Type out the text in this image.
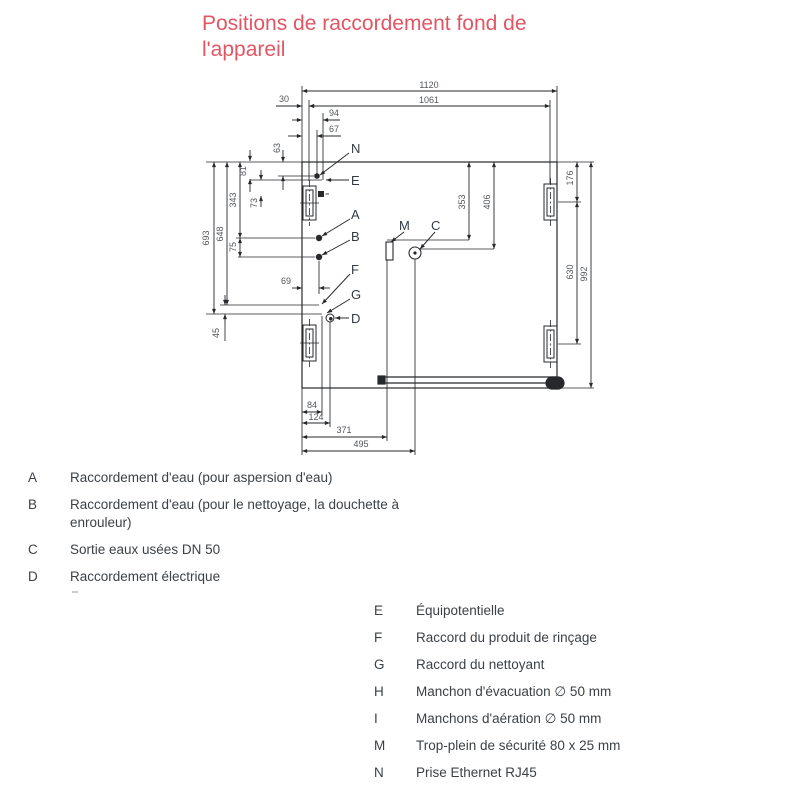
Positions de raccordement fond de
l'appareil
1120
1061
30
94
67
69
84
124
371
495
63
81
343 73
75
648
693
45
353 406
176
630 992
N
E
A
B
F
G
D
M C
A	Raccordement d'eau (pour aspersion d'eau)
B	Raccordement d'eau (pour le nettoyage, la douchette à enrouleur)
C	Sortie eaux usées DN 50
D	Raccordement électrique
E	Équipotentielle
F	Raccord du produit de rinçage
G	Raccord du nettoyant
H	Manchon d'évacuation ∅ 50 mm
I	Manchons d'aération ∅ 50 mm
M	Trop-plein de sécurité 80 x 25 mm
N	Prise Ethernet RJ45
